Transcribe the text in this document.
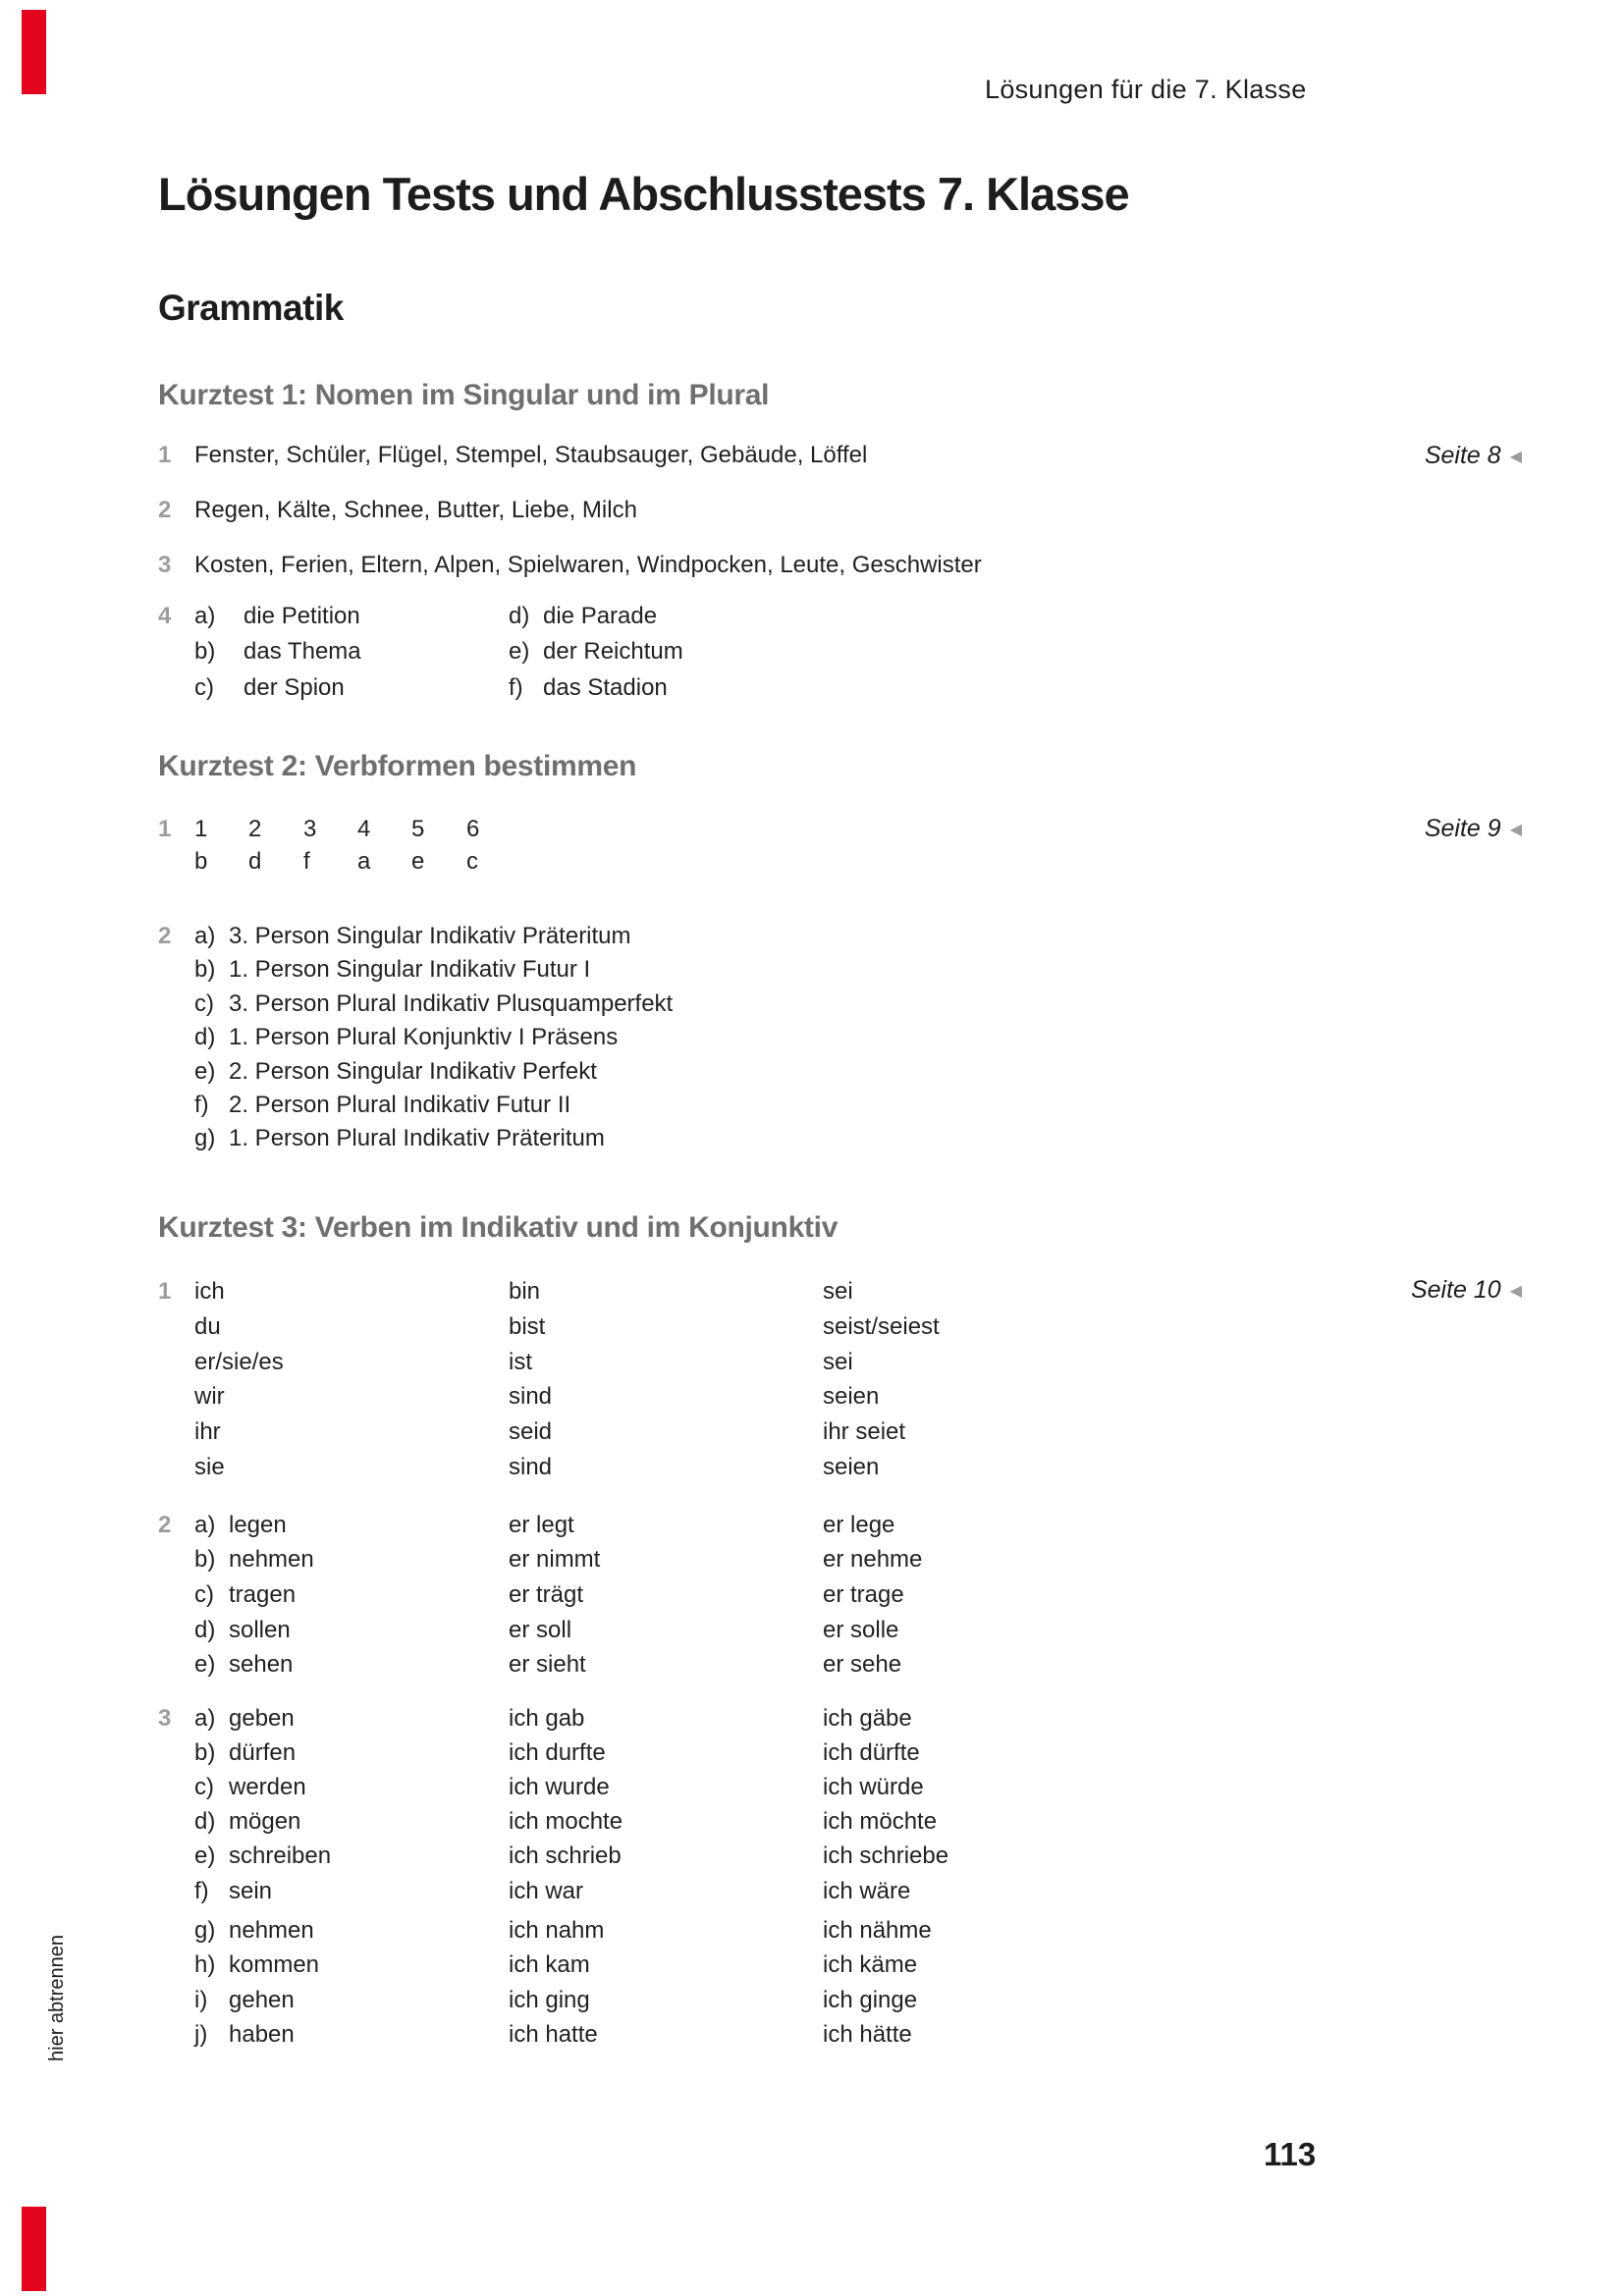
Lösungen für die 7. Klasse
Lösungen Tests und Abschlusstests 7. Klasse
Grammatik
Kurztest 1: Nomen im Singular und im Plural
Seite 8 ◀
1 Fenster, Schüler, Flügel, Stempel, Staubsauger, Gebäude, Löffel
2 Regen, Kälte, Schnee, Butter, Liebe, Milch
3 Kosten, Ferien, Eltern, Alpen, Spielwaren, Windpocken, Leute, Geschwister
4 a) die Petition	d) die Parade
b) das Thema	e) der Reichtum
c) der Spion	f) das Stadion
Kurztest 2: Verbformen bestimmen
Seite 9 ◀
1 1 2 3 4 5 6
b d f a e c
2 a) 3. Person Singular Indikativ Präteritum
b) 1. Person Singular Indikativ Futur I
c) 3. Person Plural Indikativ Plusquamperfekt
d) 1. Person Plural Konjunktiv I Präsens
e) 2. Person Singular Indikativ Perfekt
f) 2. Person Plural Indikativ Futur II
g) 1. Person Plural Indikativ Präteritum
Kurztest 3: Verben im Indikativ und im Konjunktiv
Seite 10 ◀
1 ich	bin	sei
du	bist	seist/seiest
er/sie/es	ist	sei
wir	sind	seien
ihr	seid	ihr seiet
sie	sind	seien
2 a) legen	er legt	er lege
b) nehmen	er nimmt	er nehme
c) tragen	er trägt	er trage
d) sollen	er soll	er solle
e) sehen	er sieht	er sehe
3 a) geben	ich gab	ich gäbe
b) dürfen	ich durfte	ich dürfte
c) werden	ich wurde	ich würde
d) mögen	ich mochte	ich möchte
e) schreiben	ich schrieb	ich schriebe
f) sein	ich war	ich wäre
g) nehmen	ich nahm	ich nähme
h) kommen	ich kam	ich käme
i) gehen	ich ging	ich ginge
j) haben	ich hatte	ich hätte
hier abtrennen
113
